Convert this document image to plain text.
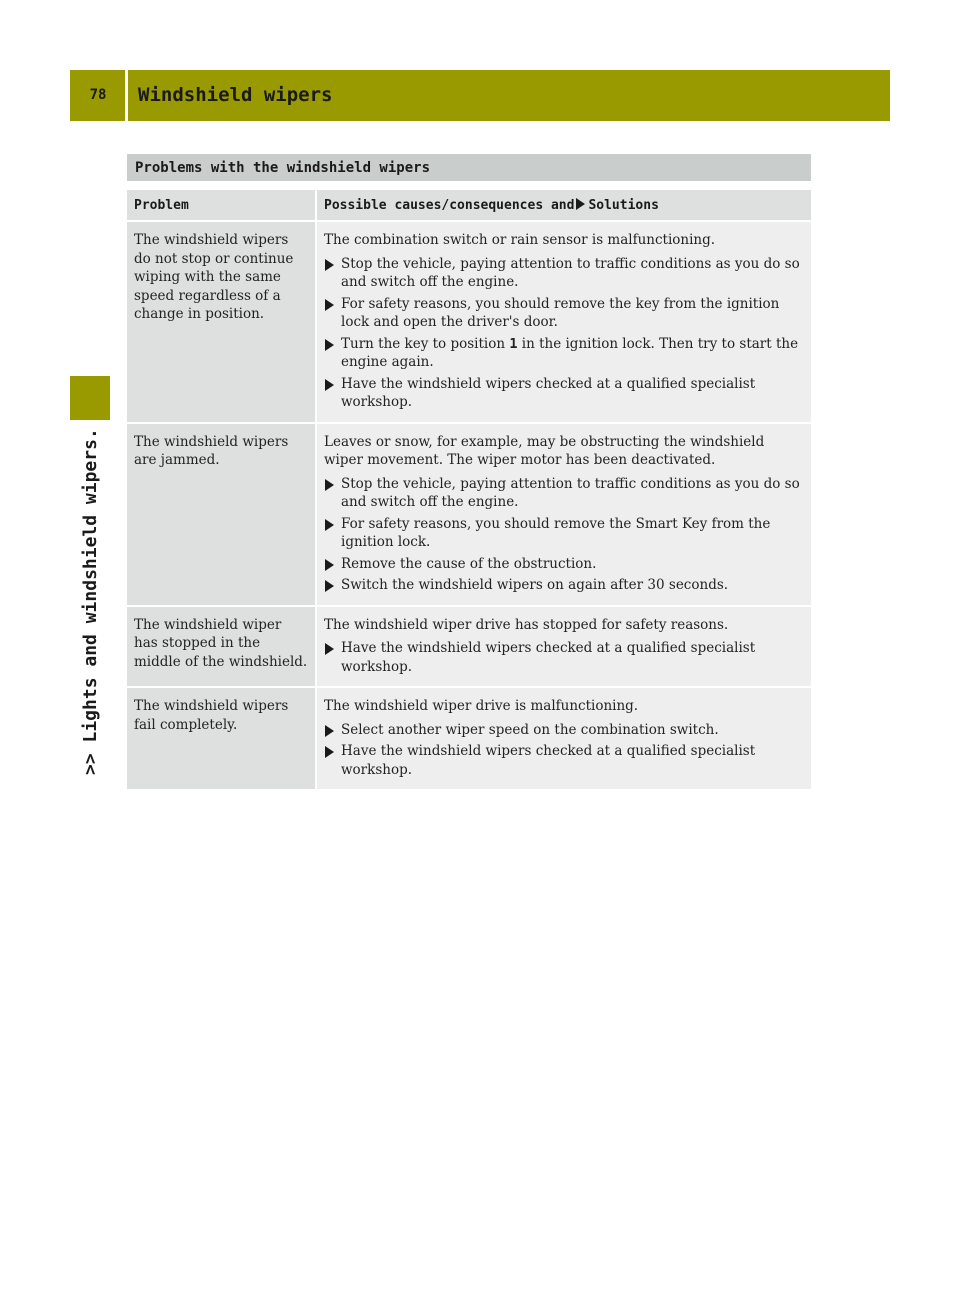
78	Windshield wipers
>> Lights and windshield wipers.
Problems with the windshield wipers
Problem	Possible causes/consequences and Solutions
The windshield wipers do not stop or continue wiping with the same speed regardless of a change in position.	The combination switch or rain sensor is malfunctioning.
Stop the vehicle, paying attention to traffic conditions as you do so and switch off the engine.
For safety reasons, you should remove the key from the ignition lock and open the driver's door.
Turn the key to position 1 in the ignition lock. Then try to start the engine again.
Have the windshield wipers checked at a qualified specialist workshop.

The windshield wipers are jammed.	Leaves or snow, for example, may be obstructing the windshield wiper movement. The wiper motor has been deactivated.
Stop the vehicle, paying attention to traffic conditions as you do so and switch off the engine.
For safety reasons, you should remove the Smart Key from the ignition lock.
Remove the cause of the obstruction.
Switch the windshield wipers on again after 30 seconds.

The windshield wiper has stopped in the middle of the windshield.	The windshield wiper drive has stopped for safety reasons.
Have the windshield wipers checked at a qualified specialist workshop.

The windshield wipers fail completely.	The windshield wiper drive is malfunctioning.
Select another wiper speed on the combination switch.
Have the windshield wipers checked at a qualified specialist workshop.
